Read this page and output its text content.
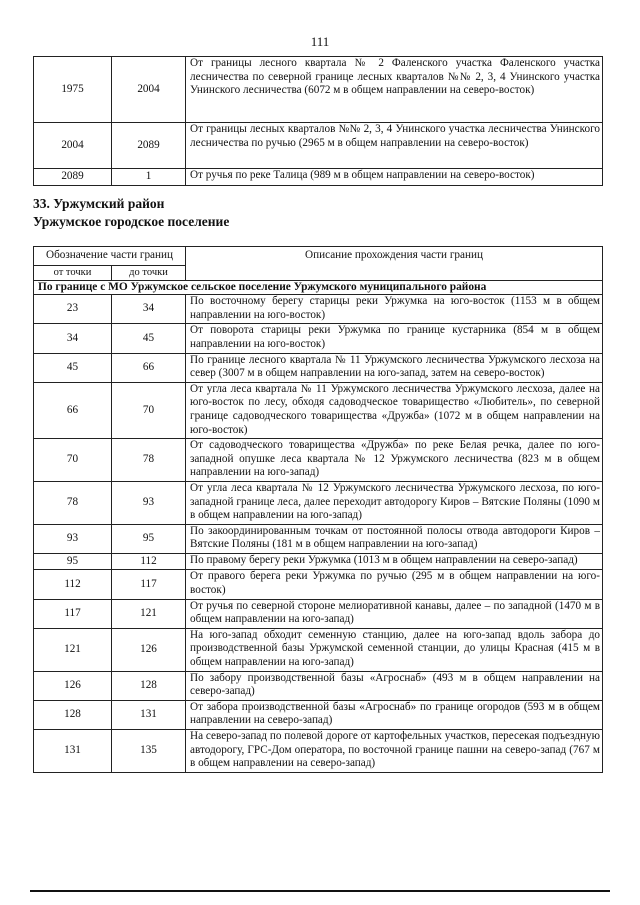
111
1975	2004	От границы лесного квартала № 2 Фаленского участка Фаленского участка лесничества по северной границе лесных кварталов №№ 2, 3, 4 Унинского участка Унинского лесничества (6072 м в общем направлении на северо-восток)
2004	2089	От границы лесных кварталов №№ 2, 3, 4 Унинского участка лесничества Унинского лесничества по ручью (2965 м в общем направлении на северо-восток)
2089	1	От ручья по реке Талица (989 м в общем направлении на северо-восток)
33. Уржумский район
Уржумское городское поселение
Обозначение части границ		Описание прохождения части границ
от точки	до точки	
По границе с МО Уржумское сельское поселение Уржумского муниципального района		
23	34	По восточному берегу старицы реки Уржумка на юго-восток (1153 м в общем направлении на юго-восток)
34	45	От поворота старицы реки Уржумка по границе кустарника (854 м в общем направлении на юго-восток)
45	66	По границе лесного квартала № 11 Уржумского лесничества Уржумского лесхоза на север (3007 м в общем направлении на юго-запад, затем на северо-восток)
66	70	От угла леса квартала № 11 Уржумского лесничества Уржумского лесхоза, далее на юго-восток по лесу, обходя садоводческое товарищество «Любитель», по северной границе садоводческого товарищества «Дружба» (1072 м в общем направлении на юго-восток)
70	78	От садоводческого товарищества «Дружба» по реке Белая речка, далее по юго-западной опушке леса квартала № 12 Уржумского лесничества (823 м в общем направлении на юго-запад)
78	93	От угла леса квартала № 12 Уржумского лесничества Уржумского лесхоза, по юго-западной границе леса, далее переходит автодорогу Киров – Вятские Поляны (1090 м в общем направлении на юго-запад)
93	95	По закоординированным точкам от постоянной полосы отвода автодороги Киров – Вятские Поляны (181 м в общем направлении на юго-запад)
95	112	По правому берегу реки Уржумка (1013 м в общем направлении на северо-запад)
112	117	От правого берега реки Уржумка по ручью (295 м в общем направлении на юго-восток)
117	121	От ручья по северной стороне мелиоративной канавы, далее – по западной (1470 м в общем направлении на юго-запад)
121	126	На юго-запад обходит семенную станцию, далее на юго-запад вдоль забора до производственной базы Уржумской семенной станции, до улицы Красная (415 м в общем направлении на юго-запад)
126	128	По забору производственной базы «Агроснаб» (493 м в общем направлении на северо-запад)
128	131	От забора производственной базы «Агроснаб» по границе огородов (593 м в общем направлении на северо-запад)
131	135	На северо-запад по полевой дороге от картофельных участков, пересекая подъездную автодорогу, ГРС-Дом оператора, по восточной границе пашни на северо-запад (767 м в общем направлении на северо-запад)
